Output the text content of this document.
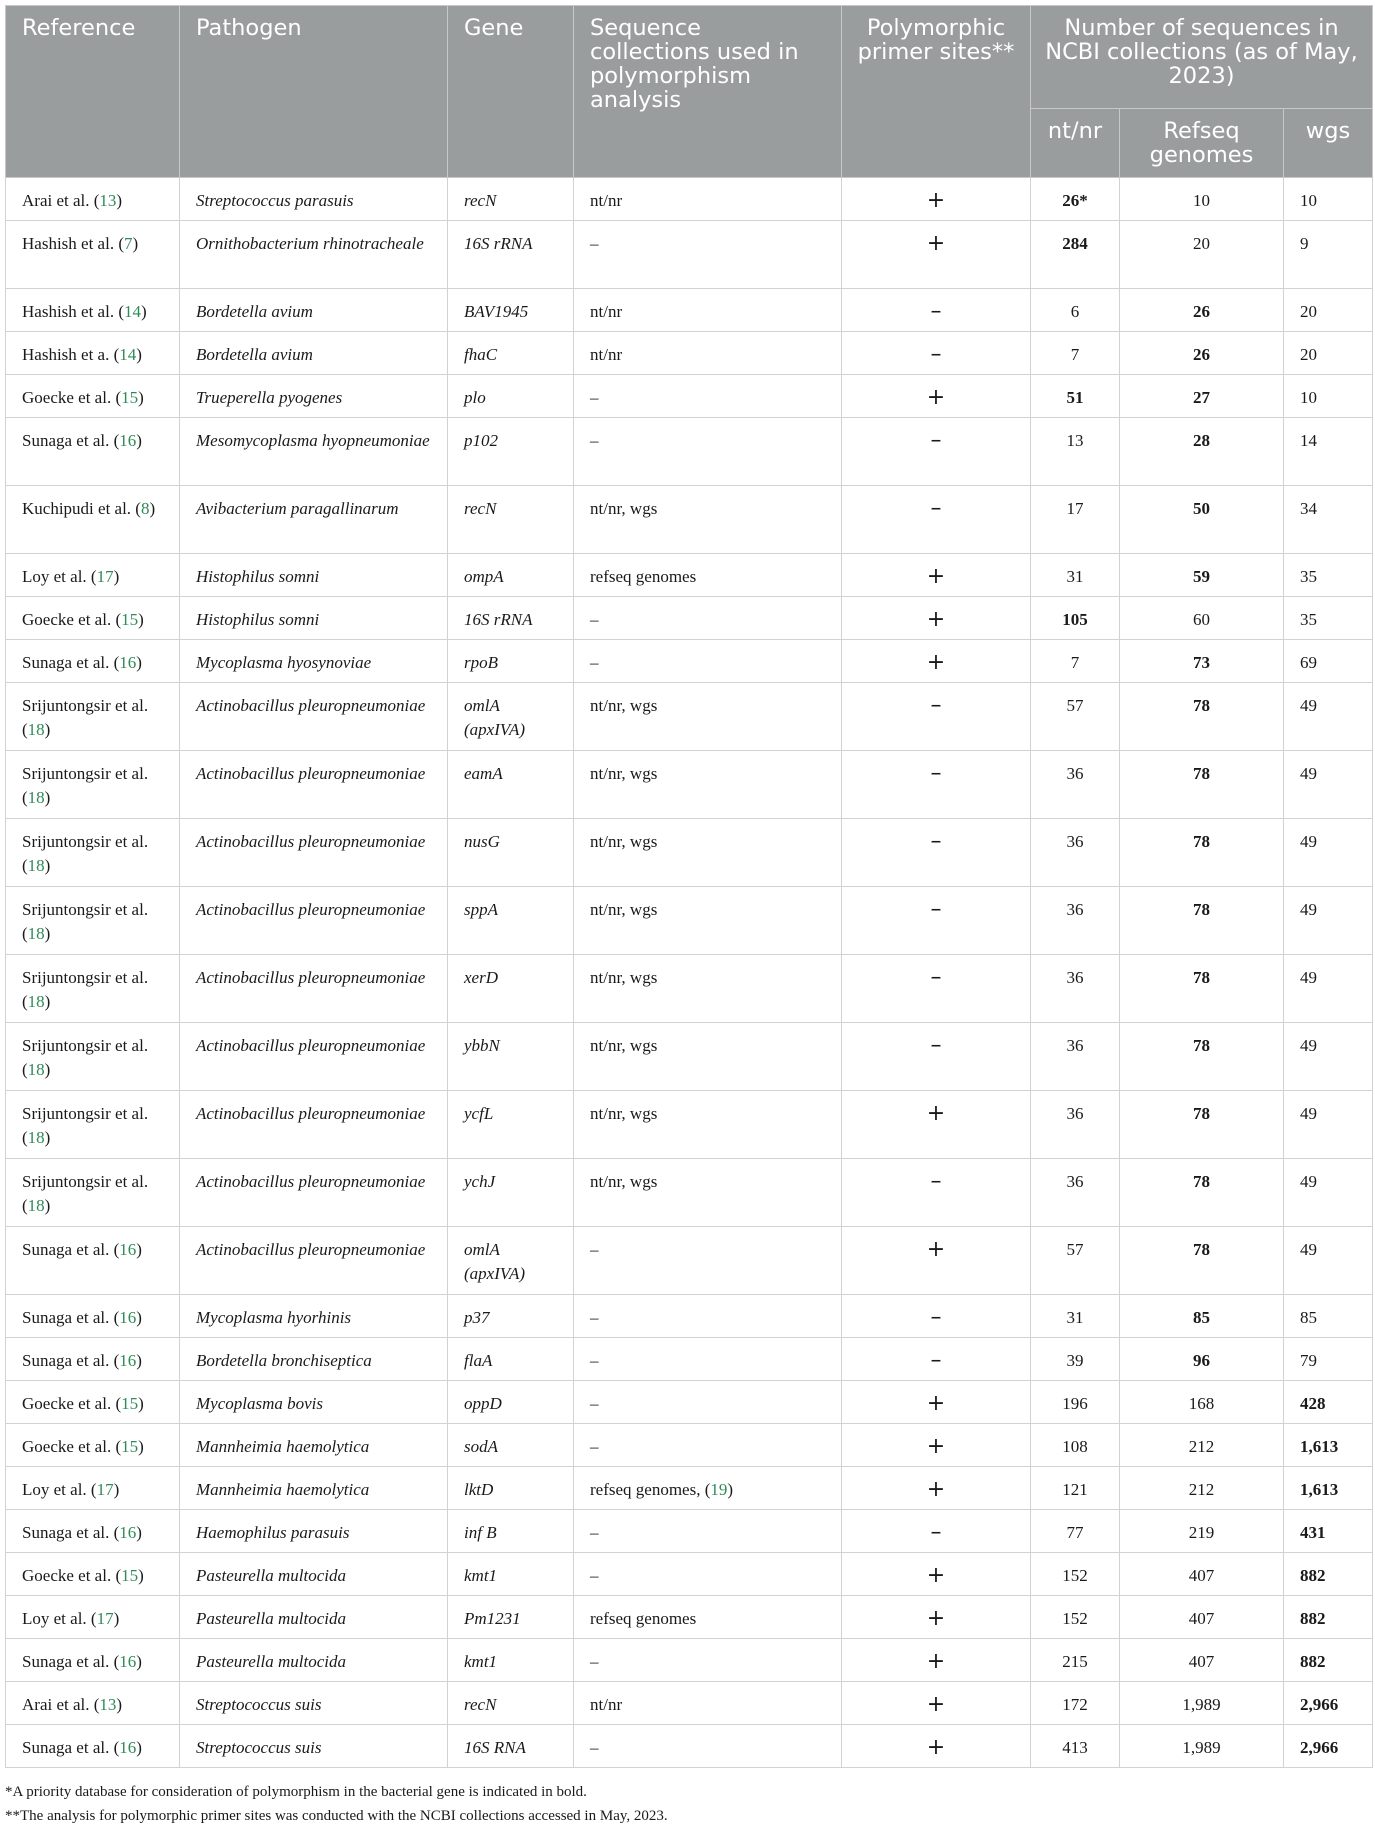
Reference	Pathogen	Gene	Sequence collections used in polymorphism analysis	Polymorphic primer sites**	Number of sequences in NCBI collections (as of May, 2023)		
					nt/nr	Refseq genomes	wgs
Arai et al. (13)	Streptococcus parasuis	recN	nt/nr	+	26*	10	10
Hashish et al. (7)	Ornithobacterium rhinotracheale	16S rRNA	–	+	284	20	9
Hashish et al. (14)	Bordetella avium	BAV1945	nt/nr	–	6	26	20
Hashish et a. (14)	Bordetella avium	fhaC	nt/nr	–	7	26	20
Goecke et al. (15)	Trueperella pyogenes	plo	–	+	51	27	10
Sunaga et al. (16)	Mesomycoplasma hyopneumoniae	p102	–	–	13	28	14
Kuchipudi et al. (8)	Avibacterium paragallinarum	recN	nt/nr, wgs	–	17	50	34
Loy et al. (17)	Histophilus somni	ompA	refseq genomes	+	31	59	35
Goecke et al. (15)	Histophilus somni	16S rRNA	–	+	105	60	35
Sunaga et al. (16)	Mycoplasma hyosynoviae	rpoB	–	+	7	73	69
Srijuntongsir et al. (18)	Actinobacillus pleuropneumoniae	omlA (apxIVA)	nt/nr, wgs	–	57	78	49
Srijuntongsir et al. (18)	Actinobacillus pleuropneumoniae	eamA	nt/nr, wgs	–	36	78	49
Srijuntongsir et al. (18)	Actinobacillus pleuropneumoniae	nusG	nt/nr, wgs	–	36	78	49
Srijuntongsir et al. (18)	Actinobacillus pleuropneumoniae	sppA	nt/nr, wgs	–	36	78	49
Srijuntongsir et al. (18)	Actinobacillus pleuropneumoniae	xerD	nt/nr, wgs	–	36	78	49
Srijuntongsir et al. (18)	Actinobacillus pleuropneumoniae	ybbN	nt/nr, wgs	–	36	78	49
Srijuntongsir et al. (18)	Actinobacillus pleuropneumoniae	ycfL	nt/nr, wgs	+	36	78	49
Srijuntongsir et al. (18)	Actinobacillus pleuropneumoniae	ychJ	nt/nr, wgs	–	36	78	49
Sunaga et al. (16)	Actinobacillus pleuropneumoniae	omlA (apxIVA)	–	+	57	78	49
Sunaga et al. (16)	Mycoplasma hyorhinis	p37	–	–	31	85	85
Sunaga et al. (16)	Bordetella bronchiseptica	flaA	–	–	39	96	79
Goecke et al. (15)	Mycoplasma bovis	oppD	–	+	196	168	428
Goecke et al. (15)	Mannheimia haemolytica	sodA	–	+	108	212	1,613
Loy et al. (17)	Mannheimia haemolytica	lktD	refseq genomes, (19)	+	121	212	1,613
Sunaga et al. (16)	Haemophilus parasuis	inf B	–	–	77	219	431
Goecke et al. (15)	Pasteurella multocida	kmt1	–	+	152	407	882
Loy et al. (17)	Pasteurella multocida	Pm1231	refseq genomes	+	152	407	882
Sunaga et al. (16)	Pasteurella multocida	kmt1	–	+	215	407	882
Arai et al. (13)	Streptococcus suis	recN	nt/nr	+	172	1,989	2,966
Sunaga et al. (16)	Streptococcus suis	16S RNA	–	+	413	1,989	2,966
*A priority database for consideration of polymorphism in the bacterial gene is indicated in bold.
**The analysis for polymorphic primer sites was conducted with the NCBI collections accessed in May, 2023.
